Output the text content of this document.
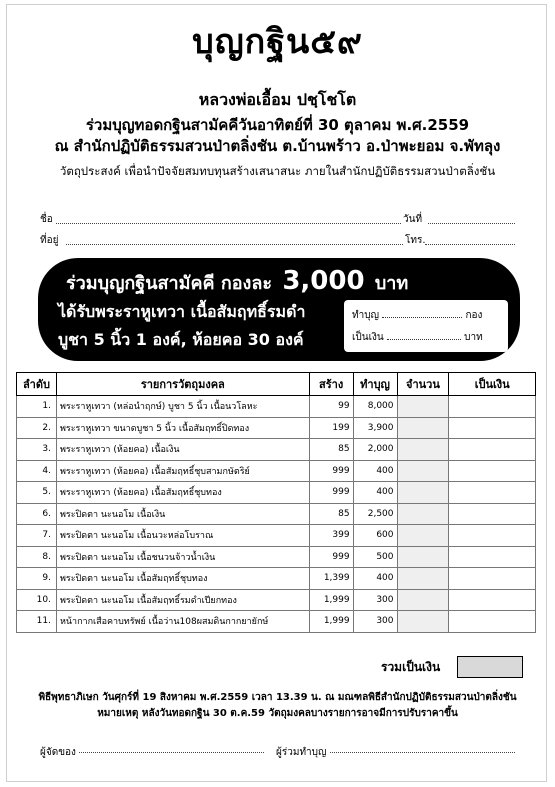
บุญกฐิน๕๙
หลวงพ่อเอื้อม ปชฺโชโต
ร่วมบุญทอดกฐินสามัคคีวันอาทิตย์ที่ 30 ตุลาคม พ.ศ.2559
ณ สำนักปฏิบัติธรรมสวนป่าตลิ่งชัน ต.บ้านพร้าว อ.ป่าพะยอม จ.พัทลุง
วัตถุประสงค์ เพื่อนำปัจจัยสมทบทุนสร้างเสนาสนะ ภายในสำนักปฏิบัติธรรมสวนป่าตลิ่งชัน
ชื่อ	วันที่
ที่อยู่	โทร.
ร่วมบุญกฐินสามัคคี กองละ 3,000 บาท
ได้รับพระราหูเทวา เนื้อสัมฤทธิ์รมดำ
บูชา 5 นิ้ว 1 องค์, ห้อยคอ 30 องค์
ทำบุญ	กอง
เป็นเงิน	บาท
ลำดับ	รายการวัตถุมงคล	สร้าง	ทำบุญ	จำนวน	เป็นเงิน
1.	พระราหูเทวา (หล่อนำฤกษ์) บูชา 5 นิ้ว เนื้อนวโลหะ	99	8,000		
2.	พระราหูเทวา ขนาดบูชา 5 นิ้ว เนื้อสัมฤทธิ์ปิดทอง	199	3,900		
3.	พระราหูเทวา (ห้อยคอ) เนื้อเงิน	85	2,000		
4.	พระราหูเทวา (ห้อยคอ) เนื้อสัมฤทธิ์ชุบสามกษัตริย์	999	400		
5.	พระราหูเทวา (ห้อยคอ) เนื้อสัมฤทธิ์ชุบทอง	999	400		
6.	พระปิดตา นะนอโม เนื้อเงิน	85	2,500		
7.	พระปิดตา นะนอโม เนื้อนวะหล่อโบราณ	399	600		
8.	พระปิดตา นะนอโม เนื้อชนวนจ้าวน้ำเงิน	999	500		
9.	พระปิดตา นะนอโม เนื้อสัมฤทธิ์ชุบทอง	1,399	400		
10.	พระปิดตา นะนอโม เนื้อสัมฤทธิ์รมดำเปียกทอง	1,999	300		
11.	หน้ากากเสือคาบทรัพย์ เนื้อว่าน108ผสมดินกากยายักษ์	1,999	300		
รวมเป็นเงิน
พิธีพุทธาภิเษก วันศุกร์ที่ 19 สิงหาคม พ.ศ.2559 เวลา 13.39 น. ณ มณฑลพิธีสำนักปฏิบัติธรรมสวนป่าตลิ่งชัน
หมายเหตุ หลังวันทอดกฐิน 30 ต.ค.59 วัตถุมงคลบางรายการอาจมีการปรับราคาขึ้น
ผู้จัดของ	ผู้ร่วมทำบุญ
